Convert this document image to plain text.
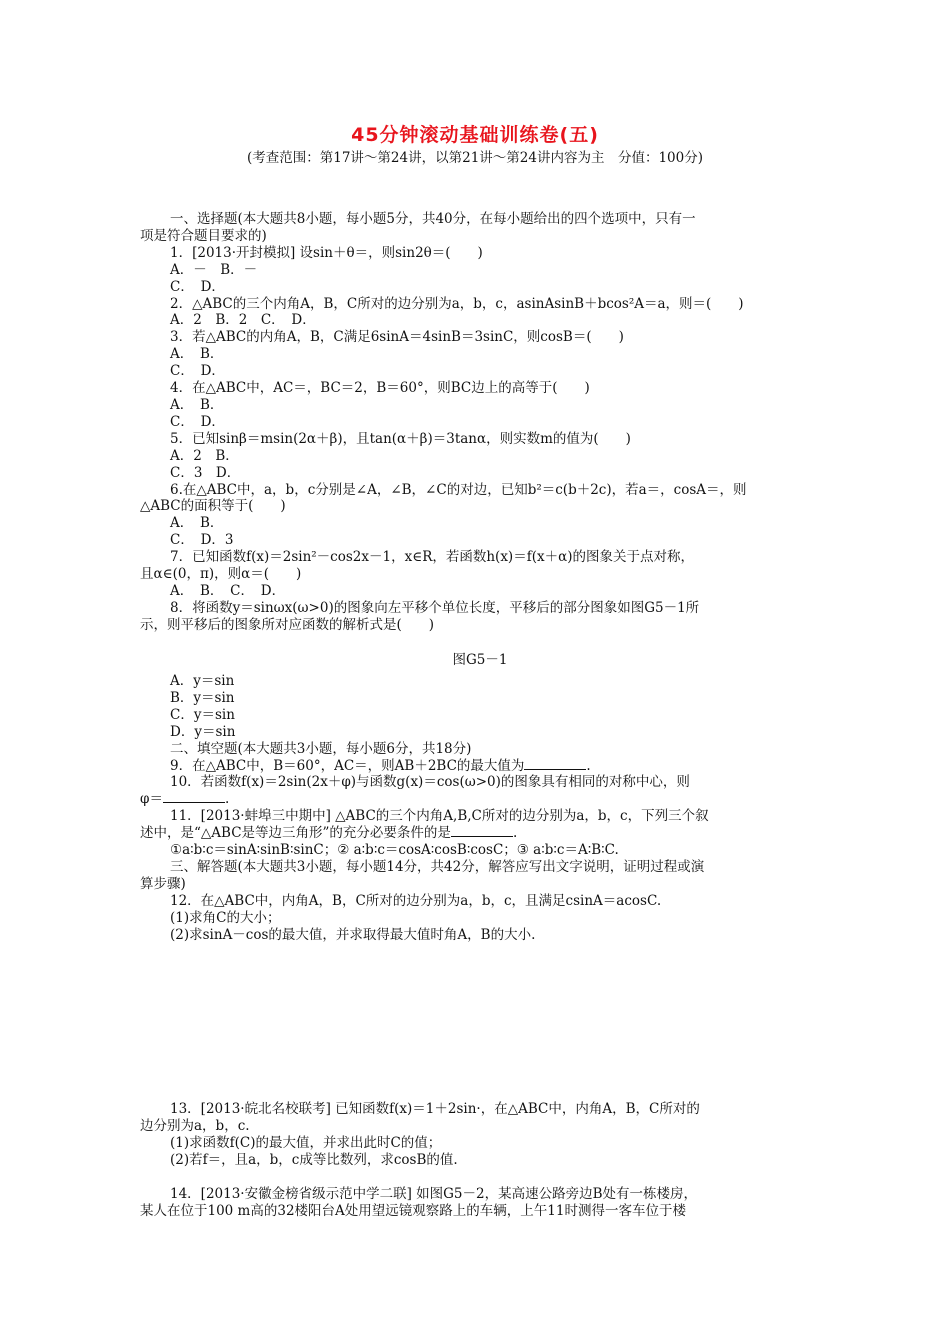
45分钟滚动基础训练卷(五)
(考查范围：第17讲～第24讲，以第21讲～第24讲内容为主　分值：100分)

一、选择题(本大题共8小题，每小题5分，共40分，在每小题给出的四个选项中，只有一

项是符合题目要求的)

1．[2013·开封模拟] 设sin＋θ＝，则sin2θ＝(　　)

A．－　B．－

C．　D．

2．△ABC的三个内角A，B，C所对的边分别为a，b，c，asinAsinB＋bcos²A＝a，则＝(　　)

A．2　B．2　C．　D．

3．若△ABC的内角A，B，C满足6sinA＝4sinB＝3sinC，则cosB＝(　　)

A．　B．

C．　D．

4．在△ABC中，AC＝，BC＝2，B＝60°，则BC边上的高等于(　　)

A．　B．

C．　D．

5．已知sinβ＝msin(2α＋β)，且tan(α＋β)＝3tanα，则实数m的值为(　　)

A．2　B．

C．3　D．

6.在△ABC中，a，b，c分别是∠A，∠B，∠C的对边，已知b²＝c(b＋2c)，若a＝，cosA＝，则

△ABC的面积等于(　　)

A．　B．

C．　D．3

7．已知函数f(x)＝2sin²－cos2x－1，x∈R，若函数h(x)＝f(x＋α)的图象关于点对称，

且α∈(0，π)，则α＝(　　)

A．　B．　C．　D．

8．将函数y＝sinωx(ω>0)的图象向左平移个单位长度，平移后的部分图象如图G5－1所

示，则平移后的图象所对应函数的解析式是(　　)

图G5－1

A．y＝sin

B．y＝sin

C．y＝sin

D．y＝sin

二、填空题(本大题共3小题，每小题6分，共18分)

9．在△ABC中，B＝60°，AC＝，则AB＋2BC的最大值为	.

10．若函数f(x)＝2sin(2x＋φ)与函数g(x)＝cos(ω>0)的图象具有相同的对称中心，则

φ＝	.

11．[2013·蚌埠三中期中] △ABC的三个内角A,B,C所对的边分别为a，b，c，下列三个叙

述中，是“△ABC是等边三角形”的充分必要条件的是	.

①a∶b∶c＝sinA∶sinB∶sinC；② a∶b∶c＝cosA∶cosB∶cosC；③ a∶b∶c＝A∶B∶C.

三、解答题(本大题共3小题，每小题14分，共42分，解答应写出文字说明，证明过程或演

算步骤)

12．在△ABC中，内角A，B，C所对的边分别为a，b，c，且满足csinA＝acosC.

(1)求角C的大小；

(2)求sinA－cos的最大值，并求取得最大值时角A，B的大小.

13．[2013·皖北名校联考] 已知函数f(x)＝1＋2sin·，在△ABC中，内角A，B，C所对的

边分别为a，b，c.

(1)求函数f(C)的最大值，并求出此时C的值；

(2)若f＝，且a，b，c成等比数列，求cosB的值.

14．[2013·安徽金榜省级示范中学二联] 如图G5－2，某高速公路旁边B处有一栋楼房，

某人在位于100 m高的32楼阳台A处用望远镜观察路上的车辆，上午11时测得一客车位于楼
